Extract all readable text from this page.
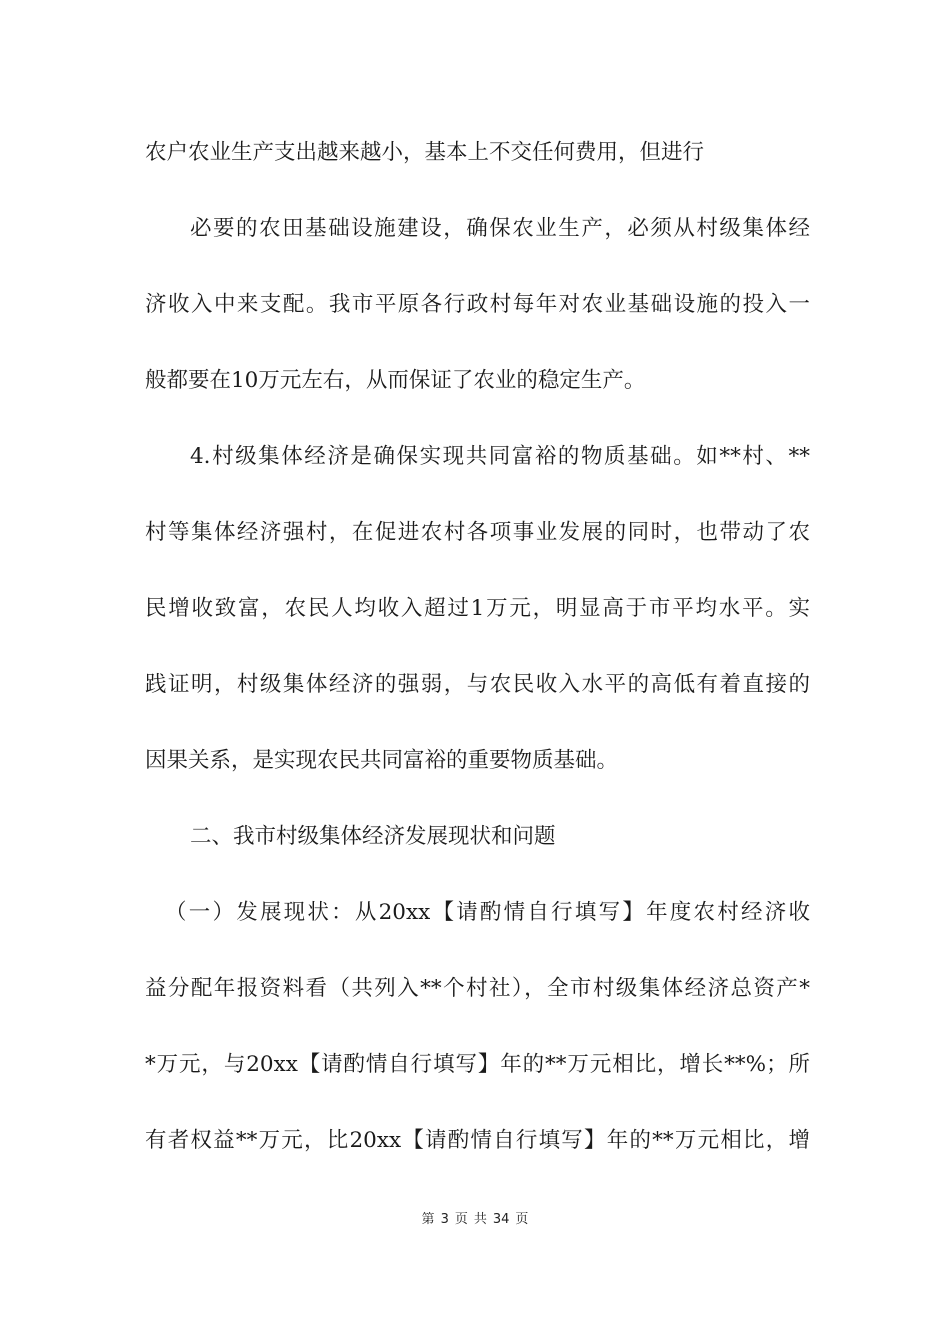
农户农业生产支出越来越小，基本上不交任何费用，但进行
必要的农田基础设施建设，确保农业生产，必须从村级集体经
济收入中来支配。我市平原各行政村每年对农业基础设施的投入一
般都要在10万元左右，从而保证了农业的稳定生产。
4.村级集体经济是确保实现共同富裕的物质基础。如**村、**
村等集体经济强村，在促进农村各项事业发展的同时，也带动了农
民增收致富，农民人均收入超过1万元，明显高于市平均水平。实
践证明，村级集体经济的强弱，与农民收入水平的高低有着直接的
因果关系，是实现农民共同富裕的重要物质基础。
二、我市村级集体经济发展现状和问题
（一）发展现状：从20xx【请酌情自行填写】年度农村经济收
益分配年报资料看（共列入**个村社），全市村级集体经济总资产*
*万元，与20xx【请酌情自行填写】年的**万元相比，增长**%；所
有者权益**万元，比20xx【请酌情自行填写】年的**万元相比，增
第 3 页 共 34 页
